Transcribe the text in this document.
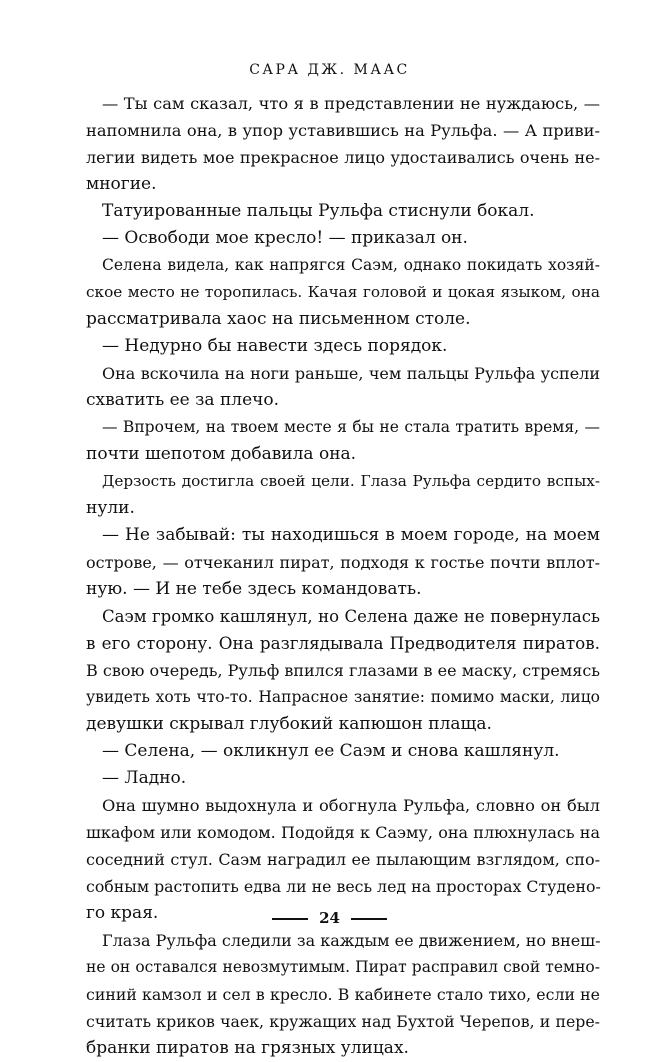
САРА ДЖ. МААС
— Ты сам сказал, что я в представлении не нуждаюсь, —
напомнила она, в упор уставившись на Рульфа. — А приви-
легии видеть мое прекрасное лицо удостаивались очень не-
многие.
Татуированные пальцы Рульфа стиснули бокал.
— Освободи мое кресло! — приказал он.
Селена видела, как напрягся Саэм, однако покидать хозяй-
ское место не торопилась. Качая головой и цокая языком, она
рассматривала хаос на письменном столе.
— Недурно бы навести здесь порядок.
Она вскочила на ноги раньше, чем пальцы Рульфа успели
схватить ее за плечо.
— Впрочем, на твоем месте я бы не стала тратить время, —
почти шепотом добавила она.
Дерзость достигла своей цели. Глаза Рульфа сердито вспых-
нули.
— Не забывай: ты находишься в моем городе, на моем
острове, — отчеканил пират, подходя к гостье почти вплот-
ную. — И не тебе здесь командовать.
Саэм громко кашлянул, но Селена даже не повернулась
в его сторону. Она разглядывала Предводителя пиратов.
В свою очередь, Рульф впился глазами в ее маску, стремясь
увидеть хоть что-то. Напрасное занятие: помимо маски, лицо
девушки скрывал глубокий капюшон плаща.
— Селена, — окликнул ее Саэм и снова кашлянул.
— Ладно.
Она шумно выдохнула и обогнула Рульфа, словно он был
шкафом или комодом. Подойдя к Саэму, она плюхнулась на
соседний стул. Саэм наградил ее пылающим взглядом, спо-
собным растопить едва ли не весь лед на просторах Студено-
го края.
Глаза Рульфа следили за каждым ее движением, но внеш-
не он оставался невозмутимым. Пират расправил свой темно-
синий камзол и сел в кресло. В кабинете стало тихо, если не
считать криков чаек, кружащих над Бухтой Черепов, и пере-
бранки пиратов на грязных улицах.
24
